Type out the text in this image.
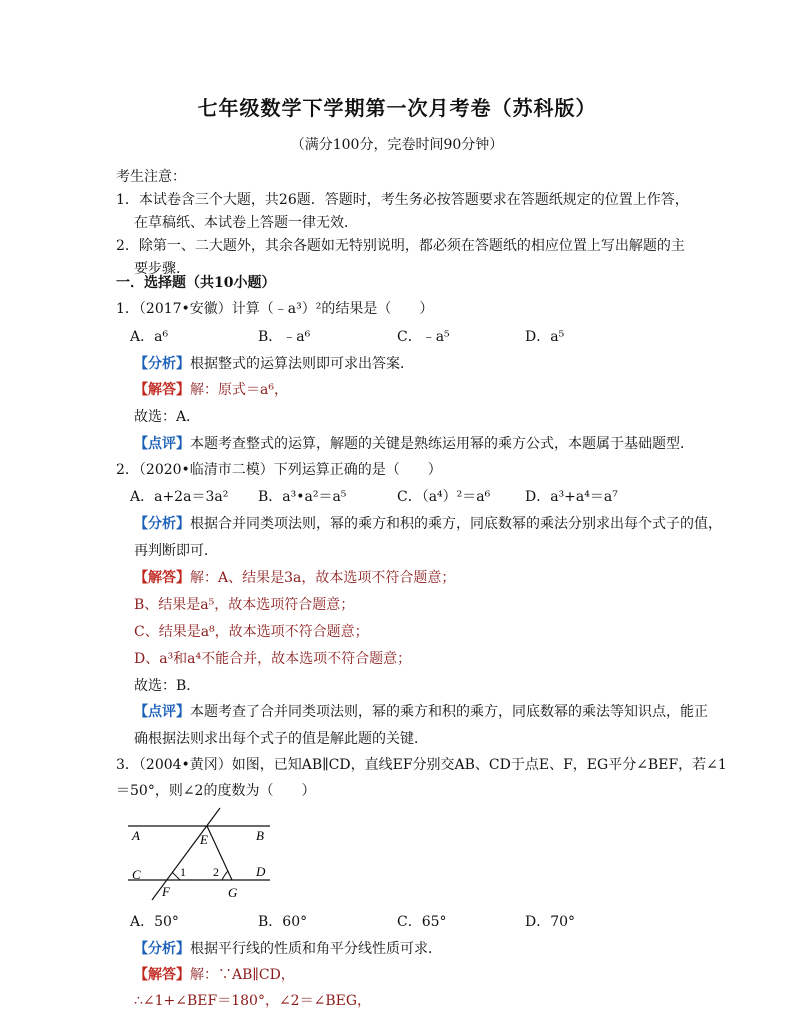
七年级数学下学期第一次月考卷（苏科版）
（满分100分，完卷时间90分钟）
考生注意：
1．本试卷含三个大题，共26题．答题时，考生务必按答题要求在答题纸规定的位置上作答，
在草稿纸、本试卷上答题一律无效．
2．除第一、二大题外，其余各题如无特别说明，都必须在答题纸的相应位置上写出解题的主
要步骤．
一．选择题（共10小题）
1．（2017•安徽）计算（﹣a³）²的结果是（　　）
A．a⁶	B．﹣a⁶	C．﹣a⁵	D．a⁵
【分析】根据整式的运算法则即可求出答案．
【解答】解：原式＝a⁶，
故选：A．
【点评】本题考查整式的运算，解题的关键是熟练运用幂的乘方公式，本题属于基础题型．
2．（2020•临清市二模）下列运算正确的是（　　）
A．a+2a＝3a² B．a³•a²＝a⁵	C．（a⁴）²＝a⁶ D．a³+a⁴＝a⁷
【分析】根据合并同类项法则，幂的乘方和积的乘方，同底数幂的乘法分别求出每个式子的值，
再判断即可．
【解答】解：A、结果是3a，故本选项不符合题意；
B、结果是a⁵，故本选项符合题意；
C、结果是a⁸，故本选项不符合题意；
D、a³和a⁴不能合并，故本选项不符合题意；
故选：B．
【点评】本题考查了合并同类项法则，幂的乘方和积的乘方，同底数幂的乘法等知识点，能正
确根据法则求出每个式子的值是解此题的关键．
3．（2004•黄冈）如图，已知AB∥CD，直线EF分别交AB、CD于点E、F，EG平分∠BEF，若∠1
＝50°，则∠2的度数为（　　）
A	B
E
C	1 2	D
F	G
A．50°	B．60°	C．65°	D．70°
【分析】根据平行线的性质和角平分线性质可求．
【解答】解：∵AB∥CD，
∴∠1+∠BEF＝180°，∠2＝∠BEG，
